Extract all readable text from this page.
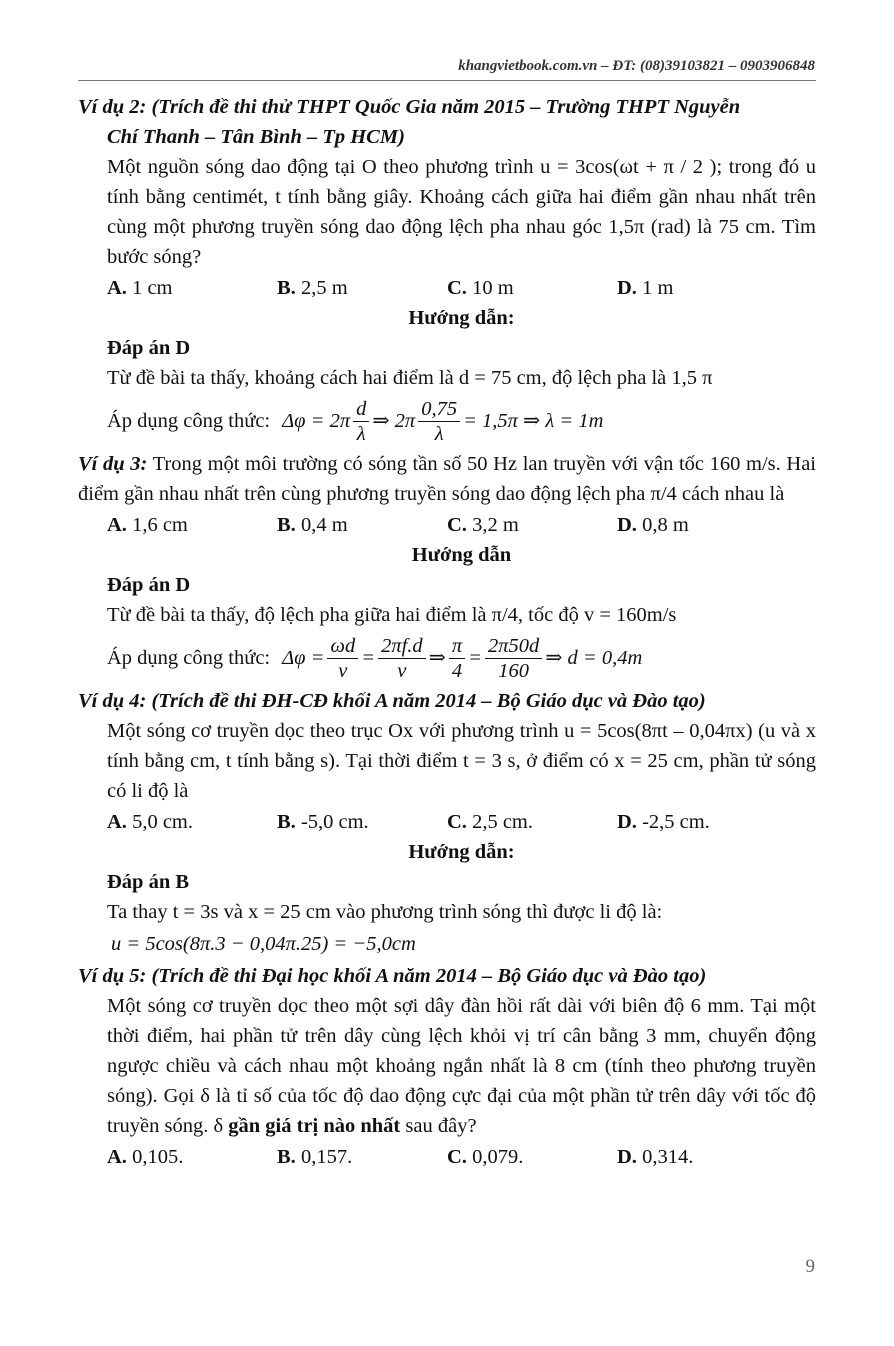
khangvietbook.com.vn – ĐT: (08)39103821 – 0903906848
Ví dụ 2: (Trích đề thi thử THPT Quốc Gia năm 2015 – Trường THPT Nguyễn
Chí Thanh – Tân Bình – Tp HCM)
Một nguồn sóng dao động tại O theo phương trình u = 3cos(ωt + π / 2 ); trong đó u tính bằng centimét, t tính bằng giây. Khoảng cách giữa hai điểm gần nhau nhất trên cùng một phương truyền sóng dao động lệch pha nhau góc 1,5π (rad) là 75 cm. Tìm bước sóng?
A. 1 cm	B. 2,5 m	C. 10 m	D. 1 m
Hướng dẫn:
Đáp án D
Từ đề bài ta thấy, khoảng cách hai điểm là d = 75 cm, độ lệch pha là 1,5 π
Áp dụng công thức: $\Delta\varphi = 2\pi \frac{d}{\lambda}$ ⇒ $2\pi \frac{0,75}{\lambda} = 1,5\pi$ ⇒ λ = 1m
Ví dụ 3: Trong một môi trường có sóng tần số 50 Hz lan truyền với vận tốc 160 m/s. Hai điểm gần nhau nhất trên cùng phương truyền sóng dao động lệch pha π/4 cách nhau là
A. 1,6 cm	B. 0,4 m	C. 3,2 m	D. 0,8 m
Hướng dẫn
Đáp án D
Từ đề bài ta thấy, độ lệch pha giữa hai điểm là π/4, tốc độ v = 160m/s
Áp dụng công thức: $\Delta\varphi = \frac{\omega d}{v} = \frac{2\pi f.d}{v}$ ⇒ $\frac{\pi}{4} = \frac{2\pi 50d}{160}$ ⇒ d = 0,4m
Ví dụ 4: (Trích đề thi ĐH-CĐ khối A năm 2014 – Bộ Giáo dục và Đào tạo)
Một sóng cơ truyền dọc theo trục Ox với phương trình u = 5cos(8πt – 0,04πx) (u và x tính bằng cm, t tính bằng s). Tại thời điểm t = 3 s, ở điểm có x = 25 cm, phần tử sóng có li độ là
A. 5,0 cm.	B. -5,0 cm.	C. 2,5 cm.	D. -2,5 cm.
Hướng dẫn:
Đáp án B
Ta thay t = 3s và x = 25 cm vào phương trình sóng thì được li độ là:
u = 5cos(8π.3 − 0,04π.25) = −5,0cm
Ví dụ 5: (Trích đề thi Đại học khối A năm 2014 – Bộ Giáo dục và Đào tạo)
Một sóng cơ truyền dọc theo một sợi dây đàn hồi rất dài với biên độ 6 mm. Tại một thời điểm, hai phần tử trên dây cùng lệch khỏi vị trí cân bằng 3 mm, chuyển động ngược chiều và cách nhau một khoảng ngắn nhất là 8 cm (tính theo phương truyền sóng). Gọi δ là tỉ số của tốc độ dao động cực đại của một phần tử trên dây với tốc độ truyền sóng. δ gần giá trị nào nhất sau đây?
A. 0,105.	B. 0,157.	C. 0,079.	D. 0,314.
9
